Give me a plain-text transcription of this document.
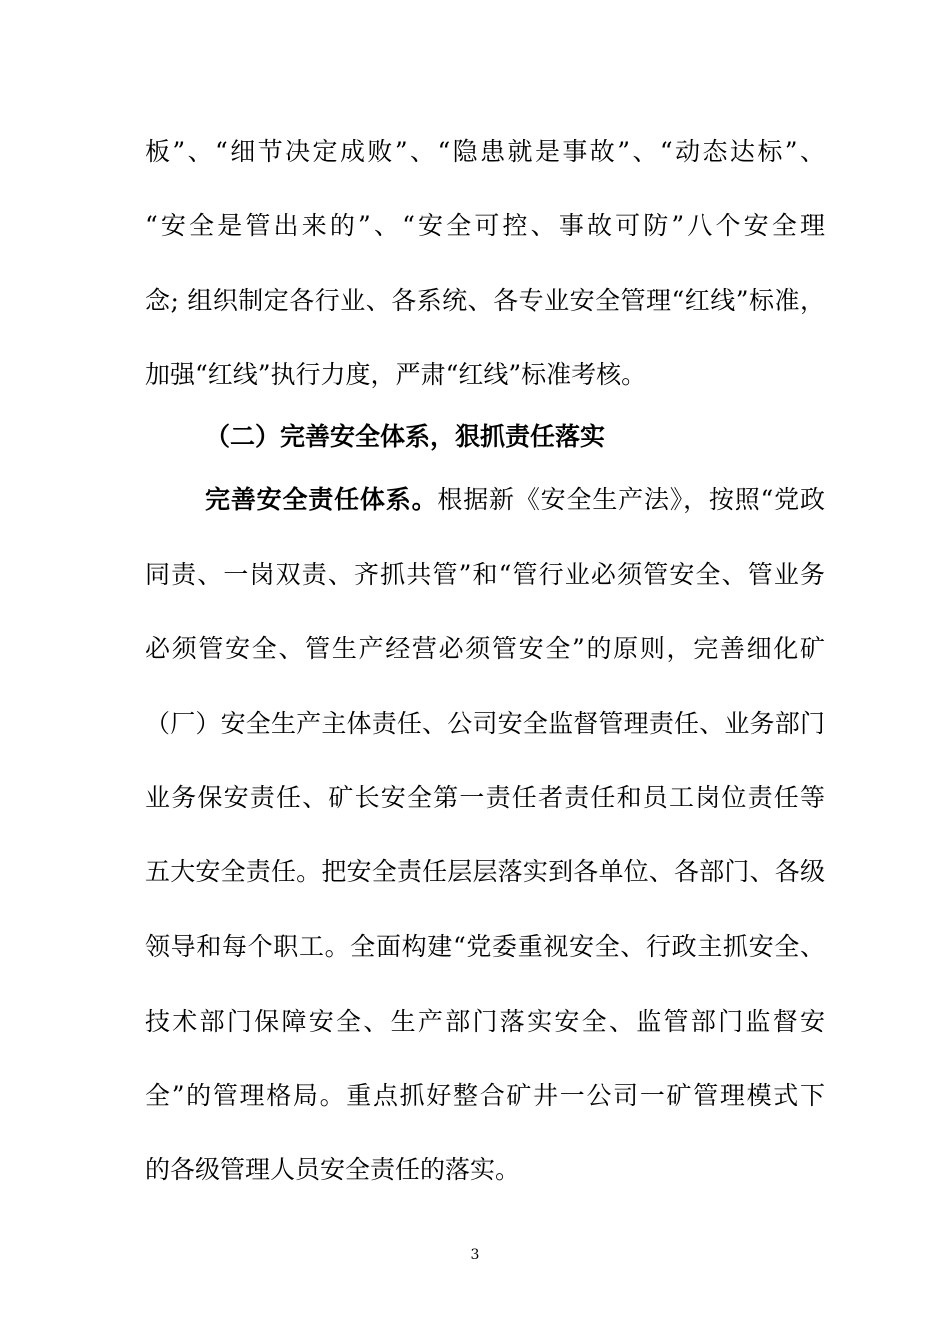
板”、“细节决定成败”、“隐患就是事故”、“动态达标”、
“安全是管出来的”、“安全可控、事故可防”八个安全理
念; 组织制定各行业、各系统、各专业安全管理“红线”标准，
加强“红线”执行力度，严肃“红线”标准考核。
（二）完善安全体系，狠抓责任落实
完善安全责任体系。根据新《安全生产法》，按照“党政
同责、一岗双责、齐抓共管”和“管行业必须管安全、管业务
必须管安全、管生产经营必须管安全”的原则，完善细化矿
（厂）安全生产主体责任、公司安全监督管理责任、业务部门
业务保安责任、矿长安全第一责任者责任和员工岗位责任等
五大安全责任。把安全责任层层落实到各单位、各部门、各级
领导和每个职工。全面构建“党委重视安全、行政主抓安全、
技术部门保障安全、生产部门落实安全、监管部门监督安
全”的管理格局。重点抓好整合矿井一公司一矿管理模式下
的各级管理人员安全责任的落实。
3
